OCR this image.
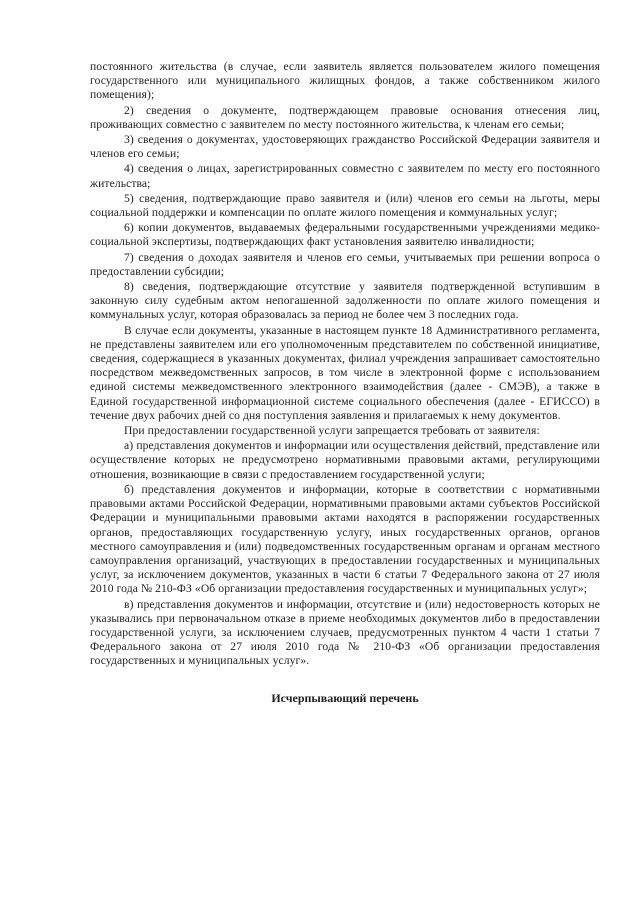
постоянного жительства (в случае, если заявитель является пользователем жилого помещения государственного или муниципального жилищных фондов, а также собственником жилого помещения);

2) сведения о документе, подтверждающем правовые основания отнесения лиц, проживающих совместно с заявителем по месту постоянного жительства, к членам его семьи;

3) сведения о документах, удостоверяющих гражданство Российской Федерации заявителя и членов его семьи;

4) сведения о лицах, зарегистрированных совместно с заявителем по месту его постоянного жительства;

5) сведения, подтверждающие право заявителя и (или) членов его семьи на льготы, меры социальной поддержки и компенсации по оплате жилого помещения и коммунальных услуг;

6) копии документов, выдаваемых федеральными государственными учреждениями медико-социальной экспертизы, подтверждающих факт установления заявителю инвалидности;

7) сведения о доходах заявителя и членов его семьи, учитываемых при решении вопроса о предоставлении субсидии;

8) сведения, подтверждающие отсутствие у заявителя подтвержденной вступившим в законную силу судебным актом непогашенной задолженности по оплате жилого помещения и коммунальных услуг, которая образовалась за период не более чем 3 последних года.

В случае если документы, указанные в настоящем пункте 18 Административного регламента, не представлены заявителем или его уполномоченным представителем по собственной инициативе, сведения, содержащиеся в указанных документах, филиал учреждения запрашивает самостоятельно посредством межведомственных запросов, в том числе в электронной форме с использованием единой системы межведомственного электронного взаимодействия (далее - СМЭВ), а также в Единой государственной информационной системе социального обеспечения (далее - ЕГИССО) в течение двух рабочих дней со дня поступления заявления и прилагаемых к нему документов.

При предоставлении государственной услуги запрещается требовать от заявителя:

а) представления документов и информации или осуществления действий, представление или осуществление которых не предусмотрено нормативными правовыми актами, регулирующими отношения, возникающие в связи с предоставлением государственной услуги;

б) представления документов и информации, которые в соответствии с нормативными правовыми актами Российской Федерации, нормативными правовыми актами субъектов Российской Федерации и муниципальными правовыми актами находятся в распоряжении государственных органов, предоставляющих государственную услугу, иных государственных органов, органов местного самоуправления и (или) подведомственных государственным органам и органам местного самоуправления организаций, участвующих в предоставлении государственных и муниципальных услуг, за исключением документов, указанных в части 6 статьи 7 Федерального закона от 27 июля 2010 года № 210-ФЗ «Об организации предоставления государственных и муниципальных услуг»;

в) представления документов и информации, отсутствие и (или) недостоверность которых не указывались при первоначальном отказе в приеме необходимых документов либо в предоставлении государственной услуги, за исключением случаев, предусмотренных пунктом 4 части 1 статьи 7 Федерального закона от 27 июля 2010 года № 210-ФЗ «Об организации предоставления государственных и муниципальных услуг».

Исчерпывающий перечень
